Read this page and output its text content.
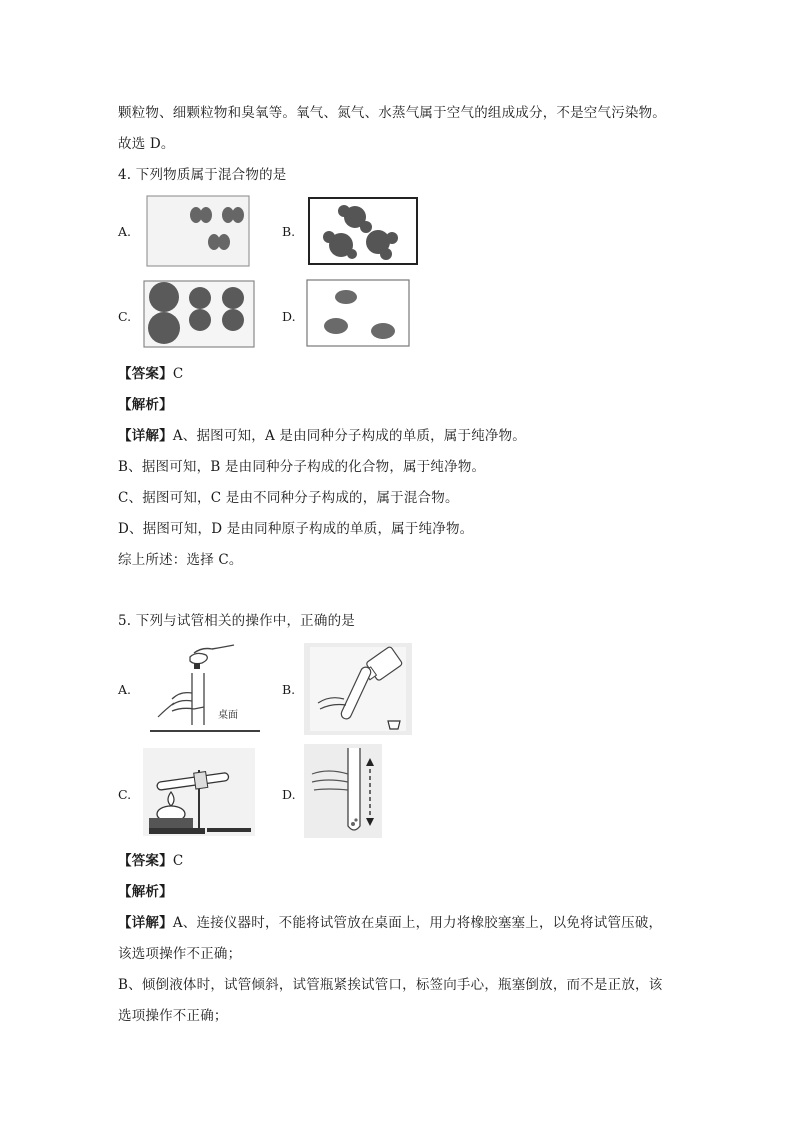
颗粒物、细颗粒物和臭氧等。氧气、氮气、水蒸气属于空气的组成成分，不是空气污染物。
故选 D。
4. 下列物质属于混合物的是
A.	B.
C.	D.
【答案】C
【解析】
【详解】A、据图可知，A 是由同种分子构成的单质，属于纯净物。
B、据图可知，B 是由同种分子构成的化合物，属于纯净物。
C、据图可知，C 是由不同种分子构成的，属于混合物。
D、据图可知，D 是由同种原子构成的单质，属于纯净物。
综上所述：选择 C。
5. 下列与试管相关的操作中，正确的是
A.
桌面
B.
C.	D.
【答案】C
【解析】
【详解】A、连接仪器时，不能将试管放在桌面上，用力将橡胶塞塞上，以免将试管压破，
该选项操作不正确；
B、倾倒液体时，试管倾斜，试管瓶紧挨试管口，标签向手心，瓶塞倒放，而不是正放，该
选项操作不正确；
